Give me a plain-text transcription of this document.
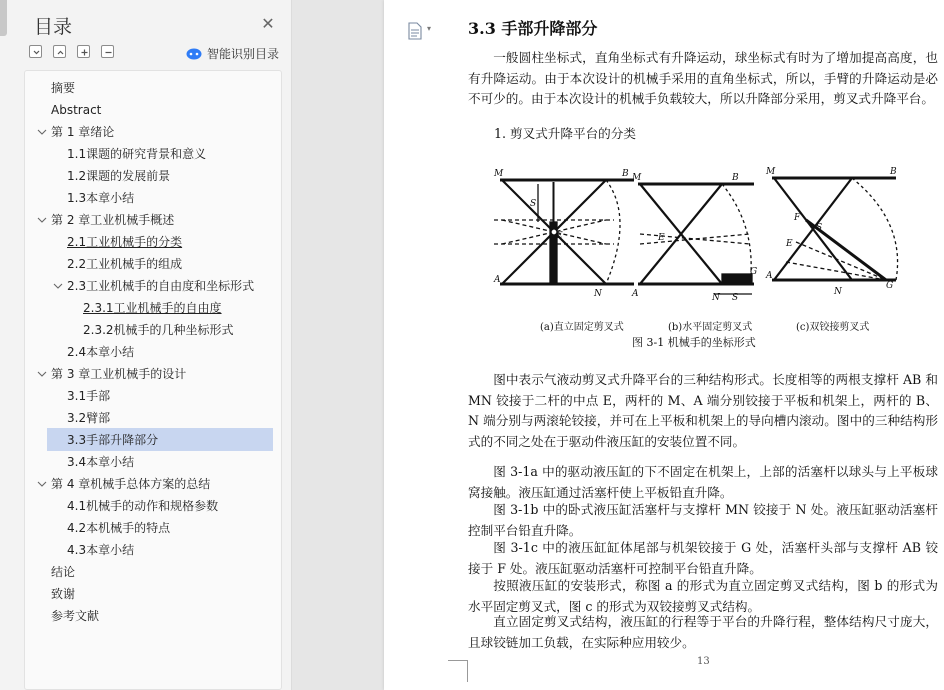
目录	✕
智能识别目录
摘要
Abstract
第 1 章绪论
1.1课题的研究背景和意义
1.2课题的发展前景
1.3本章小结
第 2 章工业机械手概述
2.1工业机械手的分类
2.2工业机械手的组成
2.3工业机械手的自由度和坐标形式
2.3.1工业机械手的自由度
2.3.2机械手的几种坐标形式
2.4本章小结
第 3 章工业机械手的设计
3.1手部
3.2臂部
3.3手部升降部分
3.4本章小结
第 4 章机械手总体方案的总结
4.1机械手的动作和规格参数
4.2本机械手的特点
4.3本章小结
结论
致谢
参考文献
3.3 手部升降部分
一般圆柱坐标式，直角坐标式有升降运动，球坐标式有时为了增加提高高度，也有升降运动。由于本次设计的机械手采用的直角坐标式，所以，手臂的升降运动是必不可少的。由于本次设计的机械手负载较大，所以升降部分采用，剪叉式升降平台。
1. 剪叉式升降平台的分类
M	B
S
E
A
N
M	B
E
G
A	N S
M	B
F
S
E
A
N
G
(a)直立固定剪叉式	(b)水平固定剪叉式	(c)双铰接剪叉式
图 3-1 机械手的坐标形式
图中表示气液动剪叉式升降平台的三种结构形式。长度相等的两根支撑杆 AB 和 MN 铰接于二杆的中点 E，两杆的 M、A 端分别铰接于平板和机架上，两杆的 B、N 端分别与两滚轮铰接，并可在上平板和机架上的导向槽内滚动。图中的三种结构形式的不同之处在于驱动件液压缸的安装位置不同。
图 3-1a 中的驱动液压缸的下不固定在机架上，上部的活塞杆以球头与上平板球窝接触。液压缸通过活塞杆使上平板铅直升降。
图 3-1b 中的卧式液压缸活塞杆与支撑杆 MN 铰接于 N 处。液压缸驱动活塞杆控制平台铅直升降。
图 3-1c 中的液压缸缸体尾部与机架铰接于 G 处，活塞杆头部与支撑杆 AB 铰接于 F 处。液压缸驱动活塞杆可控制平台铅直升降。
按照液压缸的安装形式，称图 a 的形式为直立固定剪叉式结构，图 b 的形式为水平固定剪叉式，图 c 的形式为双铰接剪叉式结构。
直立固定剪叉式结构，液压缸的行程等于平台的升降行程，整体结构尺寸庞大，且球铰链加工负载，在实际种应用较少。
13
▾
